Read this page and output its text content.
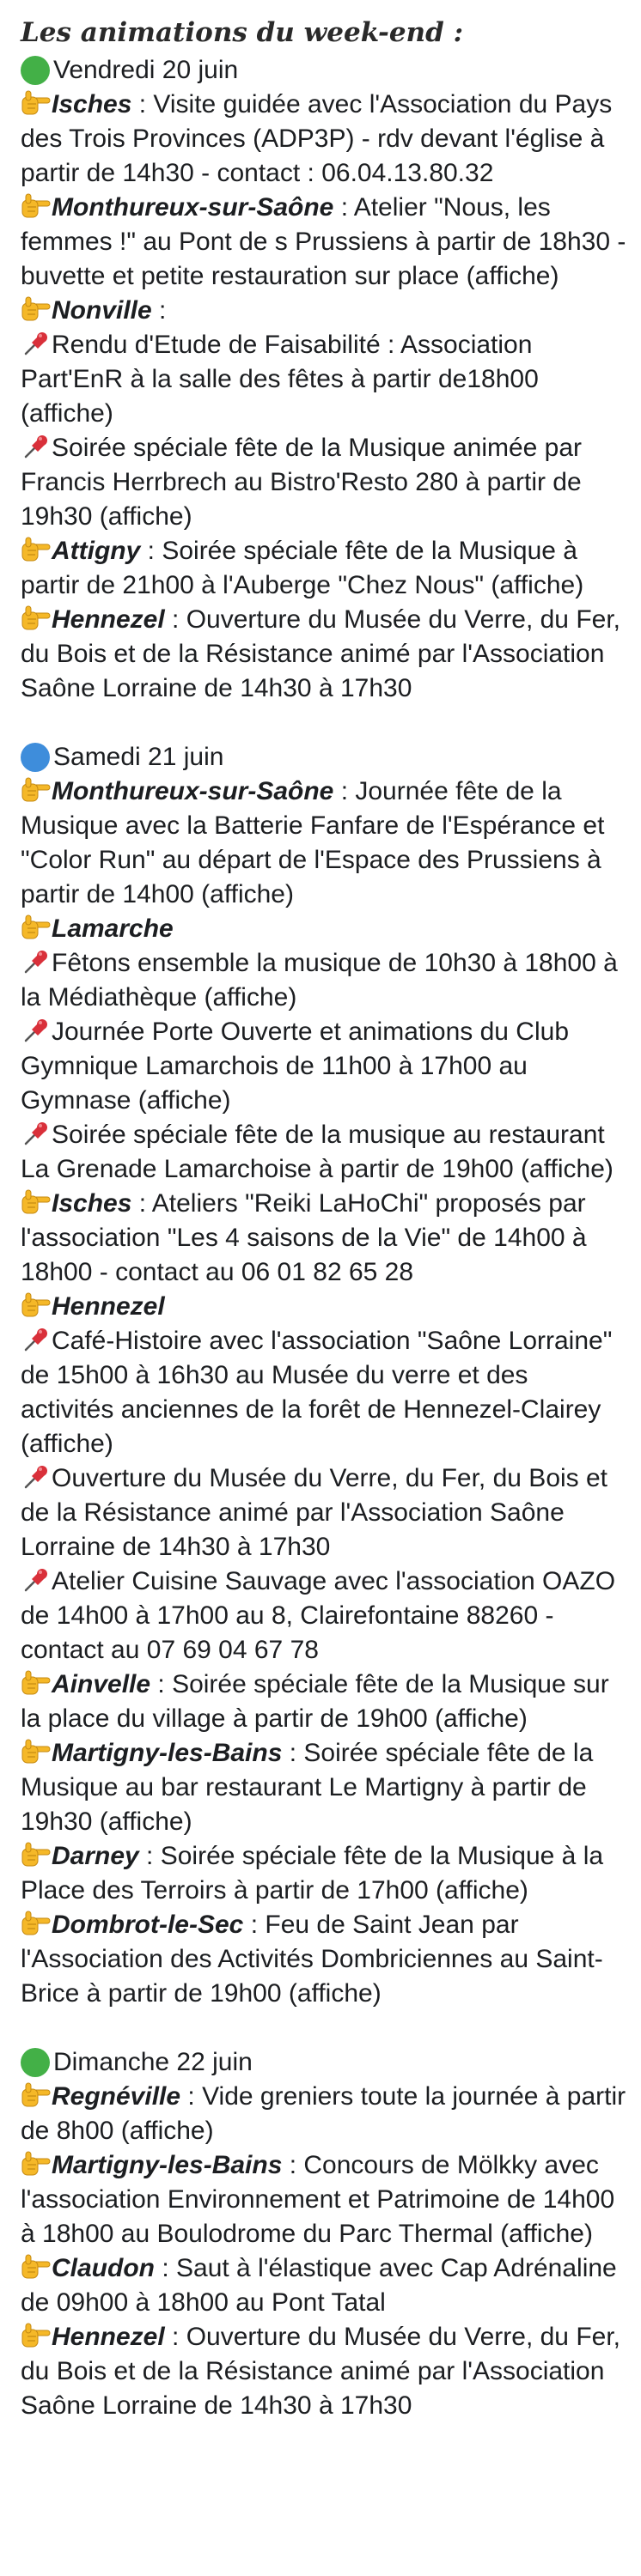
Les animations du week-end :
Vendredi 20 juin

Isches : Visite guidée avec l'Association du Pays des Trois Provinces (ADP3P) - rdv devant l'église à partir de 14h30 - contact : 06.04.13.80.32

Monthureux-sur-Saône : Atelier "Nous, les femmes !" au Pont de s Prussiens à partir de 18h30 - buvette et petite restauration sur place (affiche)

Nonville :

Rendu d'Etude de Faisabilité : Association Part'EnR à la salle des fêtes à partir de18h00 (affiche)

Soirée spéciale fête de la Musique animée par Francis Herrbrech au Bistro'Resto 280 à partir de 19h30 (affiche)

Attigny : Soirée spéciale fête de la Musique à partir de 21h00 à l'Auberge "Chez Nous" (affiche)

Hennezel : Ouverture du Musée du Verre, du Fer, du Bois et de la Résistance animé par l'Association Saône Lorraine de 14h30 à 17h30

Samedi 21 juin

Monthureux-sur-Saône : Journée fête de la Musique avec la Batterie Fanfare de l'Espérance et "Color Run" au départ de l'Espace des Prussiens à partir de 14h00 (affiche)

Lamarche

Fêtons ensemble la musique de 10h30 à 18h00 à la Médiathèque (affiche)

Journée Porte Ouverte et animations du Club Gymnique Lamarchois de 11h00 à 17h00 au Gymnase (affiche)

Soirée spéciale fête de la musique au restaurant La Grenade Lamarchoise à partir de 19h00 (affiche)

Isches : Ateliers "Reiki LaHoChi" proposés par l'association "Les 4 saisons de la Vie" de 14h00 à 18h00 - contact au 06 01 82 65 28

Hennezel

Café-Histoire avec l'association "Saône Lorraine" de 15h00 à 16h30 au Musée du verre et des activités anciennes de la forêt de Hennezel-Clairey (affiche)

Ouverture du Musée du Verre, du Fer, du Bois et de la Résistance animé par l'Association Saône Lorraine de 14h30 à 17h30

Atelier Cuisine Sauvage avec l'association OAZO de 14h00 à 17h00 au 8, Clairefontaine 88260 - contact au 07 69 04 67 78

Ainvelle : Soirée spéciale fête de la Musique sur la place du village à partir de 19h00 (affiche)

Martigny-les-Bains : Soirée spéciale fête de la Musique au bar restaurant Le Martigny à partir de 19h30 (affiche)

Darney : Soirée spéciale fête de la Musique à la Place des Terroirs à partir de 17h00 (affiche)

Dombrot-le-Sec : Feu de Saint Jean par l'Association des Activités Dombriciennes au Saint-Brice à partir de 19h00 (affiche)

Dimanche 22 juin

Regnéville : Vide greniers toute la journée à partir de 8h00 (affiche)

Martigny-les-Bains : Concours de Mölkky avec l'association Environnement et Patrimoine de 14h00 à 18h00 au Boulodrome du Parc Thermal (affiche)

Claudon : Saut à l'élastique avec Cap Adrénaline de 09h00 à 18h00 au Pont Tatal

Hennezel : Ouverture du Musée du Verre, du Fer, du Bois et de la Résistance animé par l'Association Saône Lorraine de 14h30 à 17h30
